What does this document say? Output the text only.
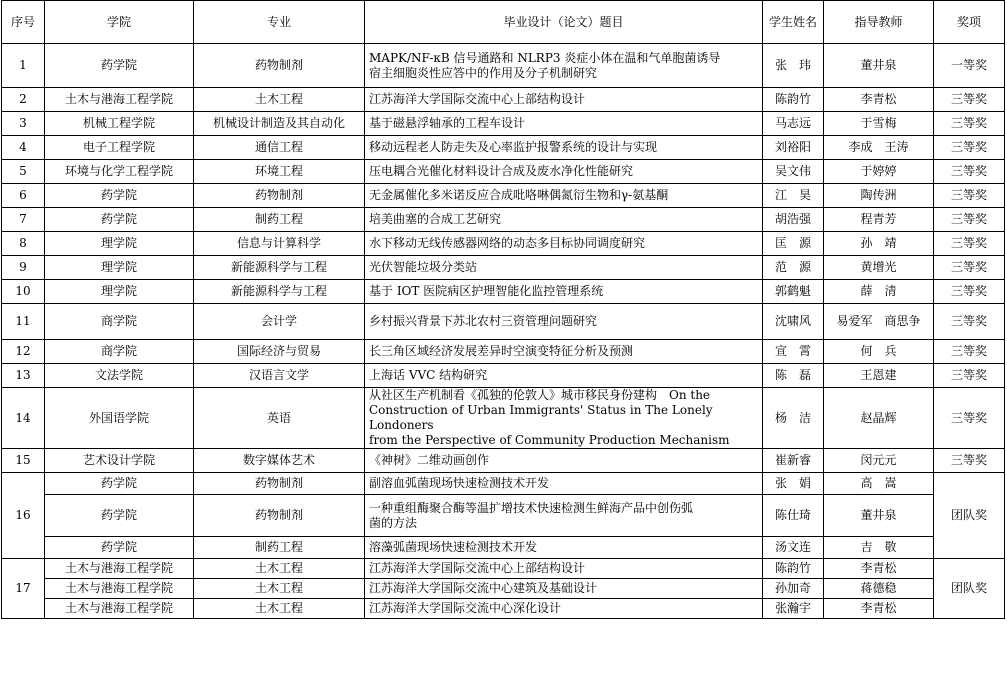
序号	学院	专业	毕业设计（论文）题目	学生姓名	指导教师	奖项
1	药学院	药物制剂	MAPK/NF-κB 信号通路和 NLRP3 炎症小体在温和气单胞菌诱导
宿主细胞炎性应答中的作用及分子机制研究	张　玮	董井泉	一等奖
2	土木与港海工程学院	土木工程	江苏海洋大学国际交流中心上部结构设计	陈韵竹	李青松	三等奖
3	机械工程学院	机械设计制造及其自动化	基于磁悬浮轴承的工程车设计	马志远	于雪梅	三等奖
4	电子工程学院	通信工程	移动远程老人防走失及心率监护报警系统的设计与实现	刘裕阳	李成　王涛	三等奖
5	环境与化学工程学院	环境工程	压电耦合光催化材料设计合成及废水净化性能研究	吴文伟	于婷婷	三等奖
6	药学院	药物制剂	无金属催化多米诺反应合成吡咯啉偶氮衍生物和γ-氨基酮	江　昊	陶传洲	三等奖
7	药学院	制药工程	培美曲塞的合成工艺研究	胡浩强	程青芳	三等奖
8	理学院	信息与计算科学	水下移动无线传感器网络的动态多目标协同调度研究	匡　源	孙　靖	三等奖
9	理学院	新能源科学与工程	光伏智能垃圾分类站	范　源	黄增光	三等奖
10	理学院	新能源科学与工程	基于 IOT 医院病区护理智能化监控管理系统	郭鹤魁	薛　清	三等奖
11	商学院	会计学	乡村振兴背景下苏北农村三资管理问题研究	沈啸风	易爱军　商思争	三等奖
12	商学院	国际经济与贸易	长三角区域经济发展差异时空演变特征分析及预测	宣　霄	何　兵	三等奖
13	文法学院	汉语言文学	上海话 VVC 结构研究	陈　磊	王恩建	三等奖
14	外国语学院	英语	从社区生产机制看《孤独的伦敦人》城市移民身份建构　On the
Construction of Urban Immigrants' Status in The Lonely Londoners
from the Perspective of Community Production Mechanism	杨　洁	赵晶辉	三等奖
15	艺术设计学院	数字媒体艺术	《神树》二维动画创作	崔新睿	闵元元	三等奖
16	药学院	药物制剂	副溶血弧菌现场快速检测技术开发	张　娟	高　嵩	团队奖
	药学院	药物制剂	一种重组酶聚合酶等温扩增技术快速检测生鲜海产品中创伤弧
菌的方法	陈仕琦	董井泉	
	药学院	制药工程	溶藻弧菌现场快速检测技术开发	汤文连	吉　敬	
17	土木与港海工程学院	土木工程	江苏海洋大学国际交流中心上部结构设计	陈韵竹	李青松	团队奖
	土木与港海工程学院	土木工程	江苏海洋大学国际交流中心建筑及基础设计	孙加奇	蒋德稳	
	土木与港海工程学院	土木工程	江苏海洋大学国际交流中心深化设计	张瀚宇	李青松	
